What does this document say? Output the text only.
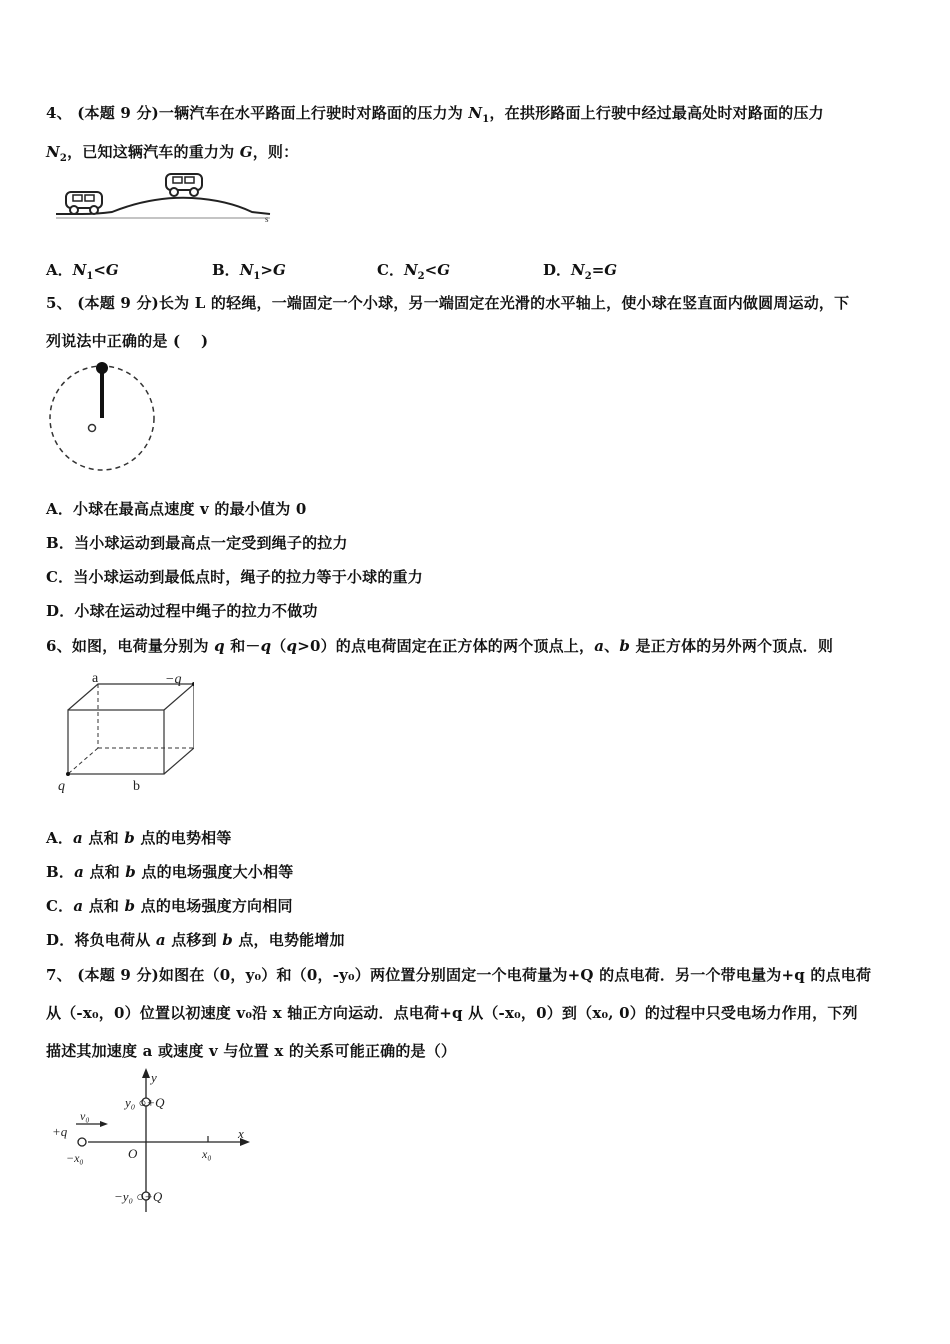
4、 (本题 9 分)一辆汽车在水平路面上行驶时对路面的压力为 $N_1$，在拱形路面上行驶中经过最高处时对路面的压力
$N_2$，已知这辆汽车的重力为 G，则：
s
A．$N_1<G$	B．$N_1>G$	C．$N_2<G$	D．$N_2=G$
5、 (本题 9 分)长为 L 的轻绳，一端固定一个小球，另一端固定在光滑的水平轴上，使小球在竖直面内做圆周运动，下
列说法中正确的是 (　 )
A．小球在最高点速度 v 的最小值为 0
B．当小球运动到最高点一定受到绳子的拉力
C．当小球运动到最低点时，绳子的拉力等于小球的重力
D．小球在运动过程中绳子的拉力不做功
6、如图，电荷量分别为 q 和－q（q>0）的点电荷固定在正方体的两个顶点上，a、b 是正方体的另外两个顶点．则
a	−q
q	b
A．a 点和 b 点的电势相等
B．a 点和 b 点的电场强度大小相等
C．a 点和 b 点的电场强度方向相同
D．将负电荷从 a 点移到 b 点，电势能增加
7、 (本题 9 分)如图在（0，y₀）和（0，-y₀）两位置分别固定一个电荷量为+Q 的点电荷．另一个带电量为+q 的点电荷
从（-x₀，0）位置以初速度 v₀沿 x 轴正方向运动．点电荷+q 从（-x₀，0）到（x₀, 0）的过程中只受电场力作用，下列
描述其加速度 a 或速度 v 与位置 x 的关系可能正确的是（）
y
x
O
y₀ ○+Q
−y₀ ○+Q
v₀
+q
−x₀	x₀
